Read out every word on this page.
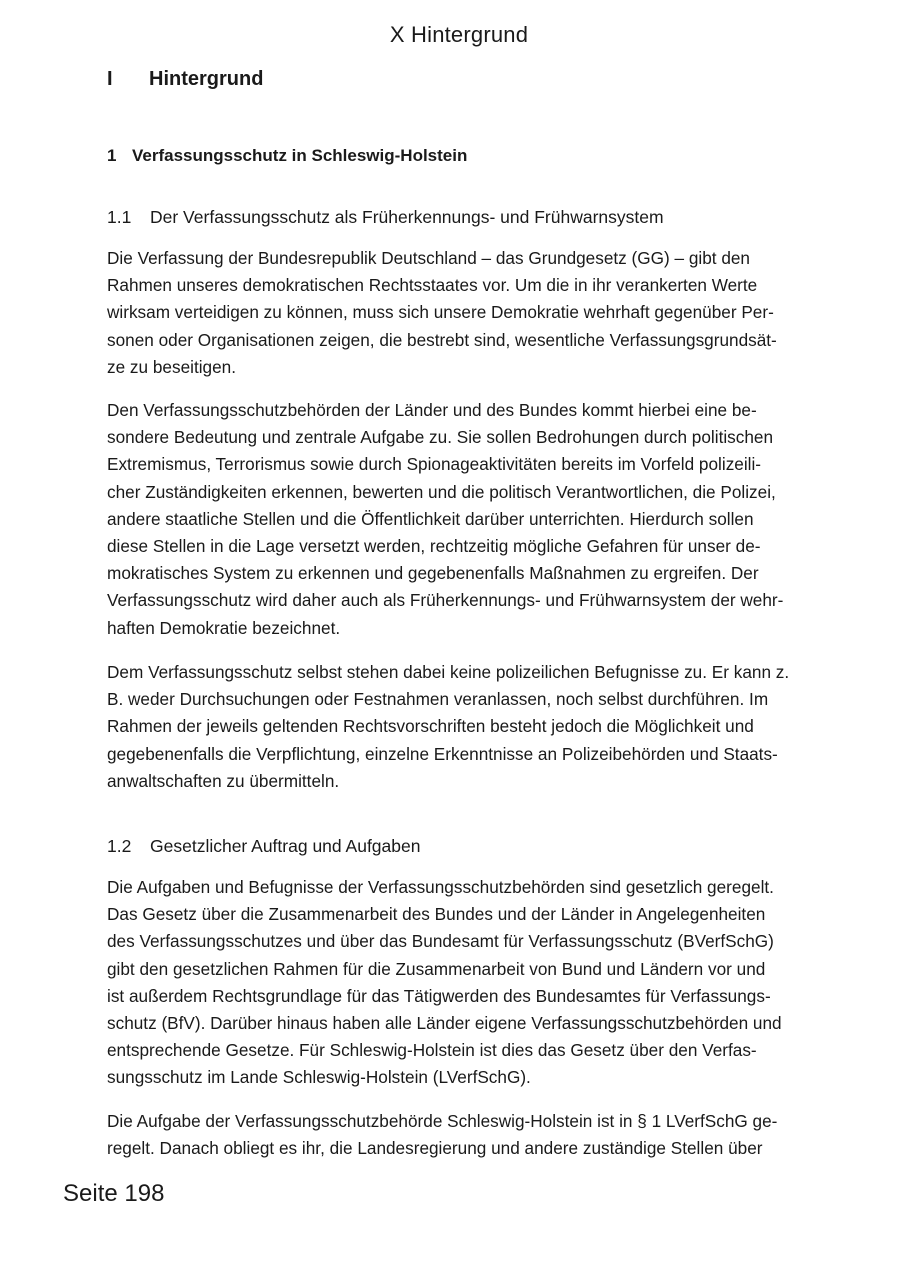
X Hintergrund
I	Hintergrund
1 Verfassungsschutz in Schleswig-Holstein
1.1	Der Verfassungsschutz als Früherkennungs- und Frühwarnsystem

Die Verfassung der Bundesrepublik Deutschland – das Grundgesetz (GG) – gibt den
Rahmen unseres demokratischen Rechtsstaates vor. Um die in ihr verankerten Werte
wirksam verteidigen zu können, muss sich unsere Demokratie wehrhaft gegenüber Per-
sonen oder Organisationen zeigen, die bestrebt sind, wesentliche Verfassungsgrundsät-
ze zu beseitigen.

Den Verfassungsschutzbehörden der Länder und des Bundes kommt hierbei eine be-
sondere Bedeutung und zentrale Aufgabe zu. Sie sollen Bedrohungen durch politischen
Extremismus, Terrorismus sowie durch Spionageaktivitäten bereits im Vorfeld polizeili-
cher Zuständigkeiten erkennen, bewerten und die politisch Verantwortlichen, die Polizei,
andere staatliche Stellen und die Öffentlichkeit darüber unterrichten. Hierdurch sollen
diese Stellen in die Lage versetzt werden, rechtzeitig mögliche Gefahren für unser de-
mokratisches System zu erkennen und gegebenenfalls Maßnahmen zu ergreifen. Der
Verfassungsschutz wird daher auch als Früherkennungs- und Frühwarnsystem der wehr-
haften Demokratie bezeichnet.

Dem Verfassungsschutz selbst stehen dabei keine polizeilichen Befugnisse zu. Er kann z.
B. weder Durchsuchungen oder Festnahmen veranlassen, noch selbst durchführen. Im
Rahmen der jeweils geltenden Rechtsvorschriften besteht jedoch die Möglichkeit und
gegebenenfalls die Verpflichtung, einzelne Erkenntnisse an Polizeibehörden und Staats-
anwaltschaften zu übermitteln.

1.2	Gesetzlicher Auftrag und Aufgaben

Die Aufgaben und Befugnisse der Verfassungsschutzbehörden sind gesetzlich geregelt.
Das Gesetz über die Zusammenarbeit des Bundes und der Länder in Angelegenheiten
des Verfassungsschutzes und über das Bundesamt für Verfassungsschutz (BVerfSchG)
gibt den gesetzlichen Rahmen für die Zusammenarbeit von Bund und Ländern vor und
ist außerdem Rechtsgrundlage für das Tätigwerden des Bundesamtes für Verfassungs-
schutz (BfV). Darüber hinaus haben alle Länder eigene Verfassungsschutzbehörden und
entsprechende Gesetze. Für Schleswig-Holstein ist dies das Gesetz über den Verfas-
sungsschutz im Lande Schleswig-Holstein (LVerfSchG).

Die Aufgabe der Verfassungsschutzbehörde Schleswig-Holstein ist in § 1 LVerfSchG ge-
regelt. Danach obliegt es ihr, die Landesregierung und andere zuständige Stellen über

Seite 198
